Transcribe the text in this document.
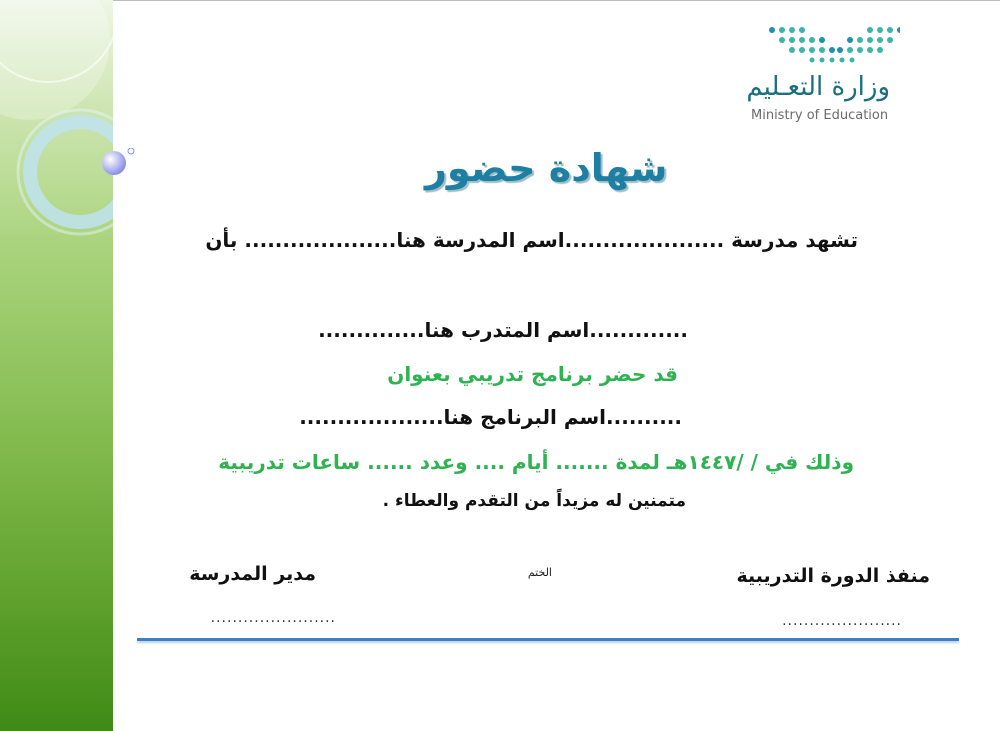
وزارة التعـليم
Ministry of Education
شهادة حضور
تشهد مدرسة .....................اسم المدرسة هنا.................... بأن
.............اسم المتدرب هنا..............
قد حضر برنامج تدريبي بعنوان
..........اسم البرنامج هنا...................
وذلك في / /١٤٤٧هـ لمدة ....... أيام .... وعدد ...... ساعات تدريبية
متمنين له مزيداً من التقدم والعطاء .
منفذ الدورة التدريبية
الختم
مدير المدرسة
......................
.......................
